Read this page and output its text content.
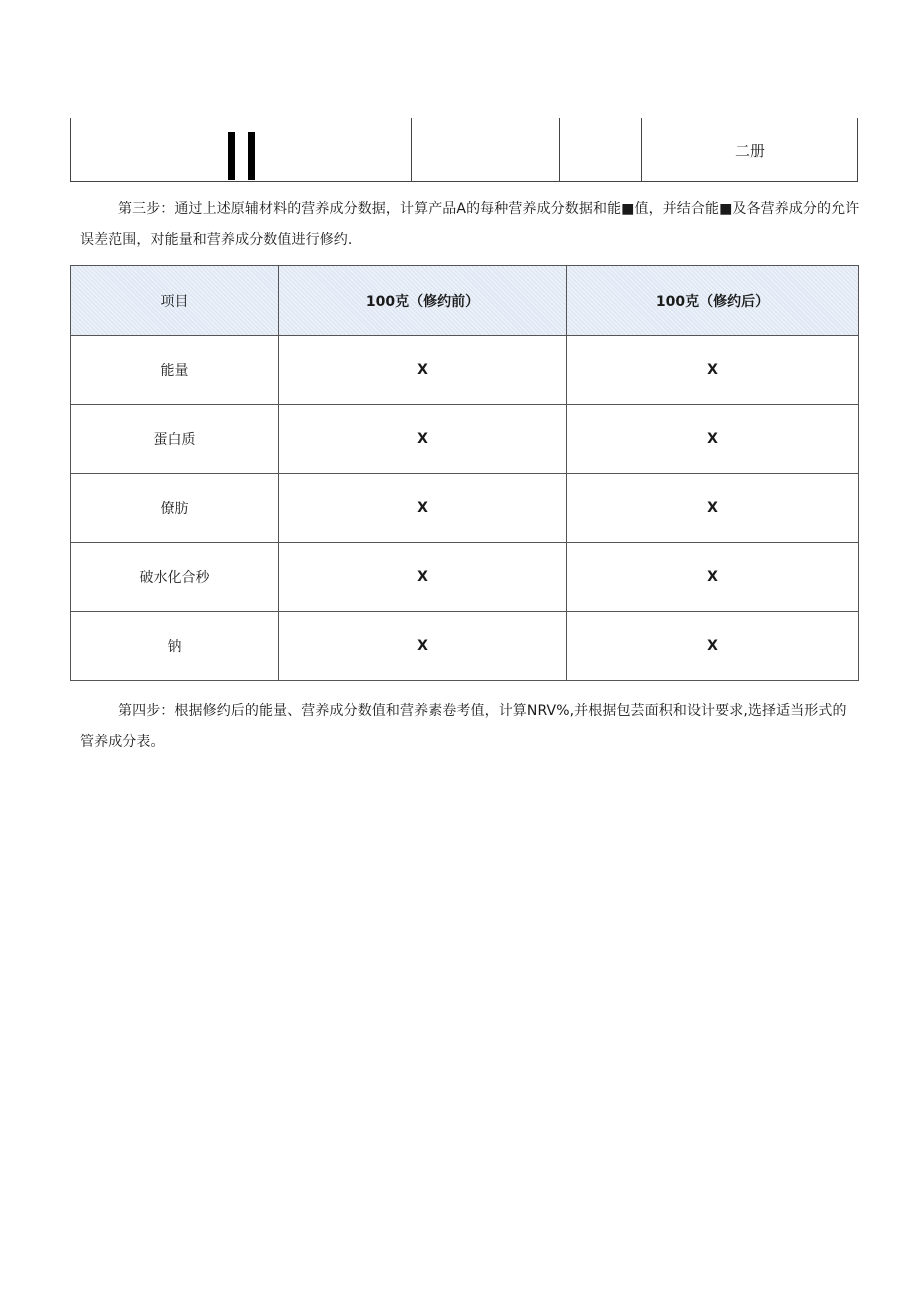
二册
第三步：通过上述原辅材料的营养成分数据，计算产品A的每种营养成分数据和能■值，并结合能■及各营养成分的允许误差范围，对能量和营养成分数值进行修约.
项目	100克（修约前）	100克（修约后）
能量	X	X
蛋白质	X	X
僚肪	X	X
破水化合秒	X	X
钠	X	X
第四步：根据修约后的能量、营养成分数值和营养素卷考值，计算NRV%,并根据包芸面积和设计要求,选择适当形式的管养成分表。
